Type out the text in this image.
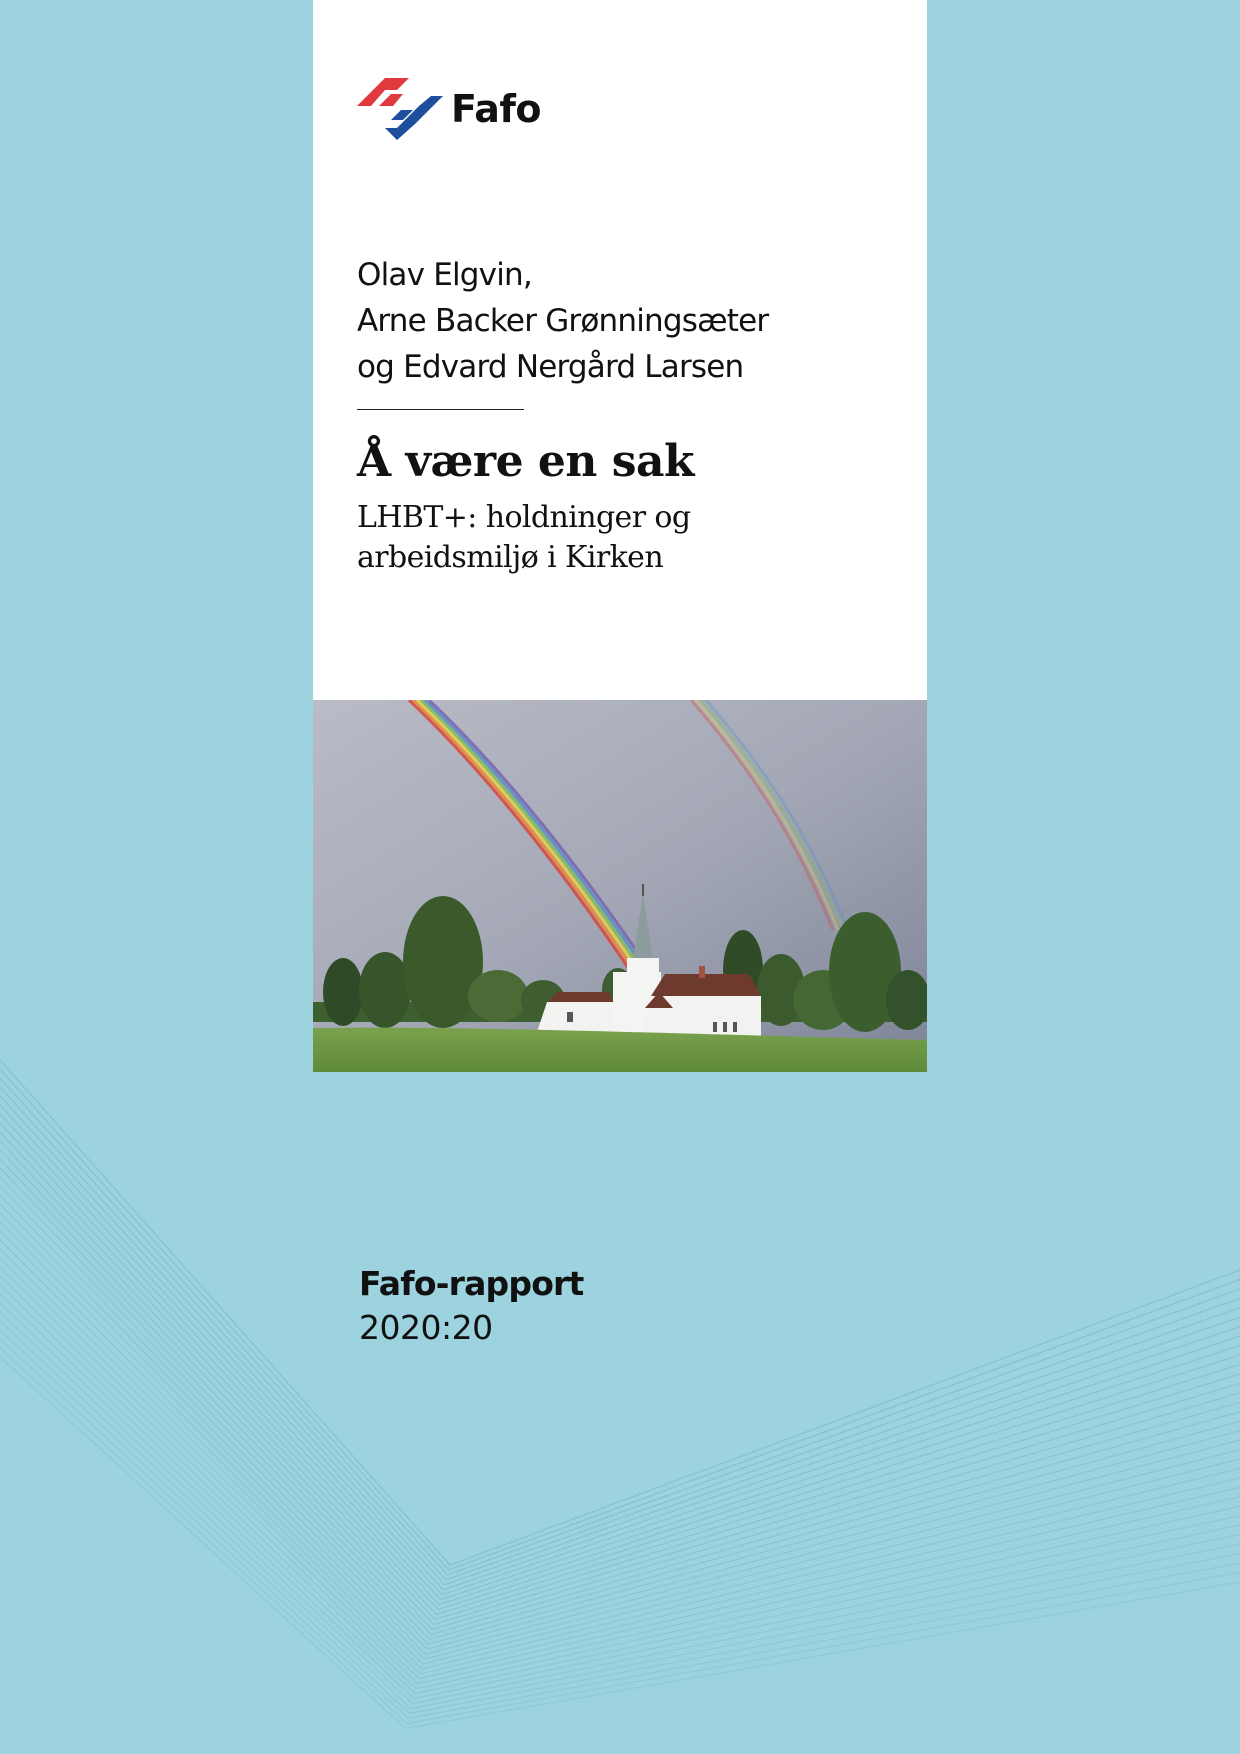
Fafo
Olav Elgvin,
Arne Backer Grønningsæter
og Edvard Nergård Larsen
Å være en sak
LHBT+: holdninger og
arbeidsmiljø i Kirken
Fafo-rapport
2020:20
